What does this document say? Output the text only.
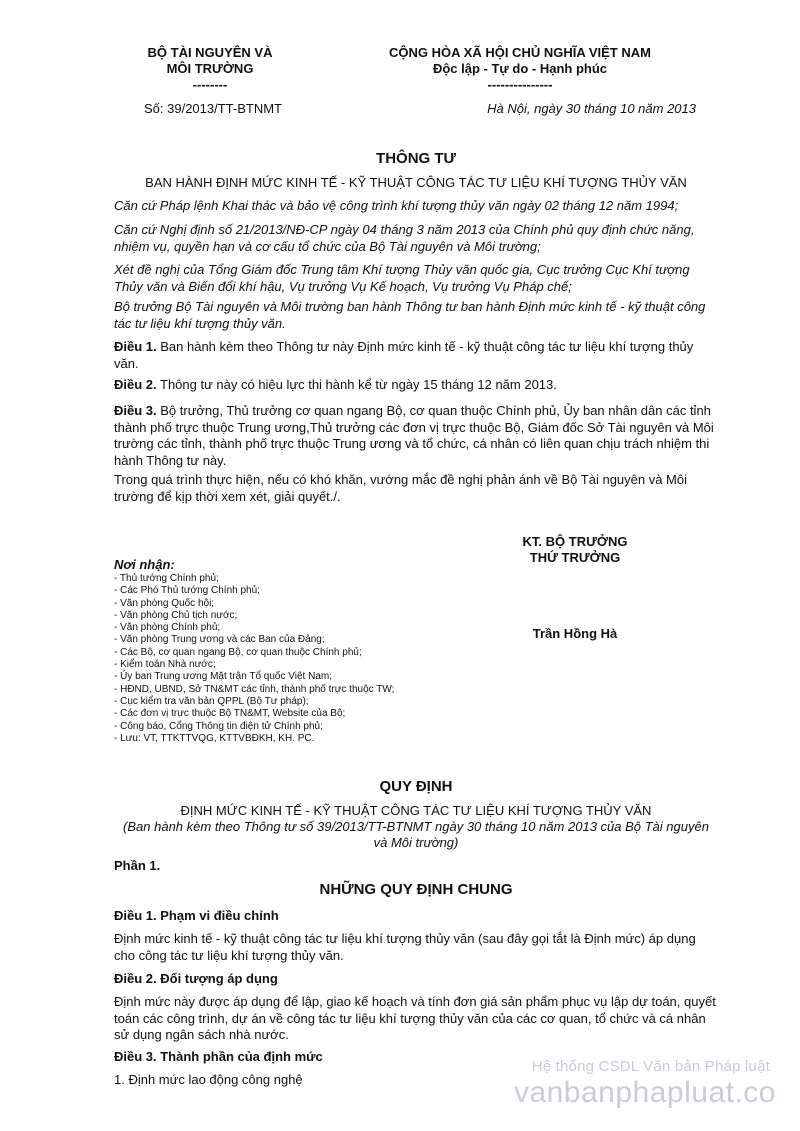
BỘ TÀI NGUYÊN VÀ
MÔI TRƯỜNG
--------
CỘNG HÒA XÃ HỘI CHỦ NGHĨA VIỆT NAM
Độc lập - Tự do - Hạnh phúc
---------------
Số: 39/2013/TT-BTNMT	Hà Nội, ngày 30 tháng 10 năm 2013
THÔNG TƯ
BAN HÀNH ĐỊNH MỨC KINH TẾ - KỸ THUẬT CÔNG TÁC TƯ LIỆU KHÍ TƯỢNG THỦY VĂN

Căn cứ Pháp lệnh Khai thác và bảo vệ công trình khí tượng thủy văn ngày 02 tháng 12 năm 1994;

Căn cứ Nghị định số 21/2013/NĐ-CP ngày 04 tháng 3 năm 2013 của Chính phủ quy định chức năng, nhiệm vụ, quyền hạn và cơ cấu tổ chức của Bộ Tài nguyên và Môi trường;

Xét đề nghị của Tổng Giám đốc Trung tâm Khí tượng Thủy văn quốc gia, Cục trưởng Cục Khí tượng Thủy văn và Biến đổi khí hậu, Vụ trưởng Vụ Kế hoạch, Vụ trưởng Vụ Pháp chế;

Bộ trưởng Bộ Tài nguyên và Môi trường ban hành Thông tư ban hành Định mức kinh tế - kỹ thuật công tác tư liệu khí tượng thủy văn.

Điều 1. Ban hành kèm theo Thông tư này Định mức kinh tế - kỹ thuật công tác tư liệu khí tượng thủy văn.

Điều 2. Thông tư này có hiệu lực thi hành kể từ ngày 15 tháng 12 năm 2013.

Điều 3. Bộ trưởng, Thủ trưởng cơ quan ngang Bộ, cơ quan thuộc Chính phủ, Ủy ban nhân dân các tỉnh thành phố trực thuộc Trung ương,Thủ trưởng các đơn vị trực thuộc Bộ, Giám đốc Sở Tài nguyên và Môi trường các tỉnh, thành phố trực thuộc Trung ương và tổ chức, cá nhân có liên quan chịu trách nhiệm thi hành Thông tư này.

Trong quá trình thực hiện, nếu có khó khăn, vướng mắc đề nghị phản ánh về Bộ Tài nguyên và Môi trường để kịp thời xem xét, giải quyết./.

KT. BỘ TRƯỞNG
THỨ TRƯỞNG
Trần Hồng Hà
Nơi nhận:
- Thủ tướng Chính phủ;
- Các Phó Thủ tướng Chính phủ;
- Văn phòng Quốc hội;
- Văn phòng Chủ tịch nước;
- Văn phòng Chính phủ;
- Văn phòng Trung ương và các Ban của Đảng;
- Các Bộ, cơ quan ngang Bộ, cơ quan thuộc Chính phủ;
- Kiểm toán Nhà nước;
- Ủy ban Trung ương Mặt trận Tổ quốc Việt Nam;
- HĐND, UBND, Sở TN&MT các tỉnh, thành phố trực thuộc TW;
- Cục kiểm tra văn bản QPPL (Bộ Tư pháp);
- Các đơn vị trực thuộc Bộ TN&MT, Website của Bộ;
- Công báo, Cổng Thông tin điện tử Chính phủ;
- Lưu: VT, TTKTTVQG, KTTVBĐKH, KH. PC.
QUY ĐỊNH
ĐỊNH MỨC KINH TẾ - KỸ THUẬT CÔNG TÁC TƯ LIỆU KHÍ TƯỢNG THỦY VĂN
(Ban hành kèm theo Thông tư số 39/2013/TT-BTNMT ngày 30 tháng 10 năm 2013 của Bộ Tài nguyên
và Môi trường)
Phần 1.
NHỮNG QUY ĐỊNH CHUNG
Điều 1. Phạm vi điều chỉnh

Định mức kinh tế - kỹ thuật công tác tư liệu khí tượng thủy văn (sau đây gọi tắt là Định mức) áp dụng cho công tác tư liệu khí tượng thủy văn.

Điều 2. Đối tượng áp dụng

Định mức này được áp dụng để lập, giao kế hoạch và tính đơn giá sản phẩm phục vụ lập dự toán, quyết toán các công trình, dự án về công tác tư liệu khí tượng thủy văn của các cơ quan, tổ chức và cá nhân sử dụng ngân sách nhà nước.

Điều 3. Thành phần của định mức
1. Định mức lao động công nghệ
Hệ thống CSDL Văn bản Pháp luật
vanbanphapluat.co
